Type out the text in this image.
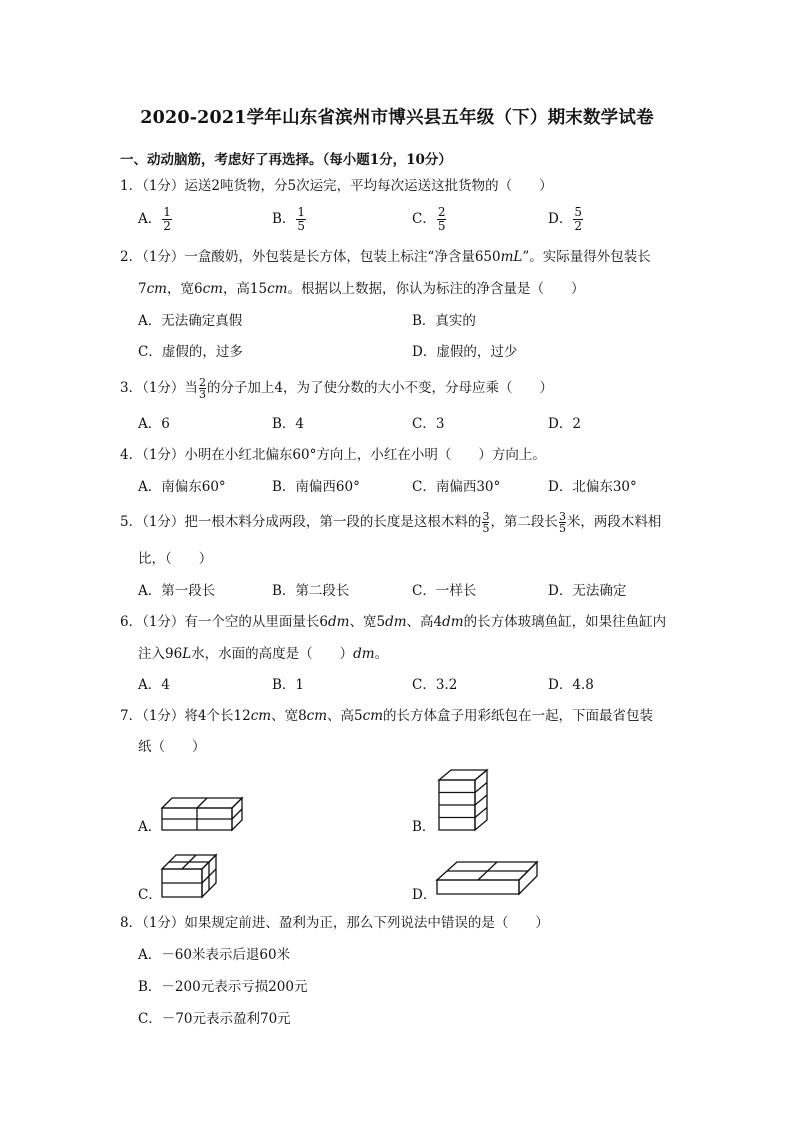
2020-2021学年山东省滨州市博兴县五年级（下）期末数学试卷
一、动动脑筋，考虑好了再选择。（每小题1分，10分）
1．（1分）运送2吨货物，分5次运完，平均每次运送这批货物的（　　）
A． $\frac{1}{2}$	B． $\frac{1}{5}$	C． $\frac{2}{5}$	D． $\frac{5}{2}$
2．（1分）一盒酸奶，外包装是长方体，包装上标注“净含量650mL”。实际量得外包装长
7cm，宽6cm，高15cm。根据以上数据，你认为标注的净含量是（　　）
A．无法确定真假	B．真实的
C．虚假的，过多	D．虚假的，过少
3．（1分）当 $\frac{2}{3}$ 的分子加上4，为了使分数的大小不变，分母应乘（　　）
A．6	B．4	C．3	D．2
4．（1分）小明在小红北偏东60°方向上，小红在小明（　　）方向上。
A．南偏东60°	B．南偏西60°	C．南偏西30°	D．北偏东30°
5．（1分）把一根木料分成两段，第一段的长度是这根木料的 $\frac{3}{5}$ ，第二段长 $\frac{3}{5}$ 米，两段木料相
比，（　　）
A．第一段长	B．第二段长	C．一样长	D．无法确定
6．（1分）有一个空的从里面量长6dm、宽5dm、高4dm的长方体玻璃鱼缸，如果往鱼缸内
注入96L水，水面的高度是（　　）dm。
A．4	B．1	C．3.2	D．4.8
7．（1分）将4个长12cm、宽8cm、高5cm的长方体盒子用彩纸包在一起，下面最省包装
纸（　　）
A．	B．
C．	D．
8．（1分）如果规定前进、盈利为正，那么下列说法中错误的是（　　）
A．－60米表示后退60米
B．－200元表示亏损200元
C．－70元表示盈利70元
